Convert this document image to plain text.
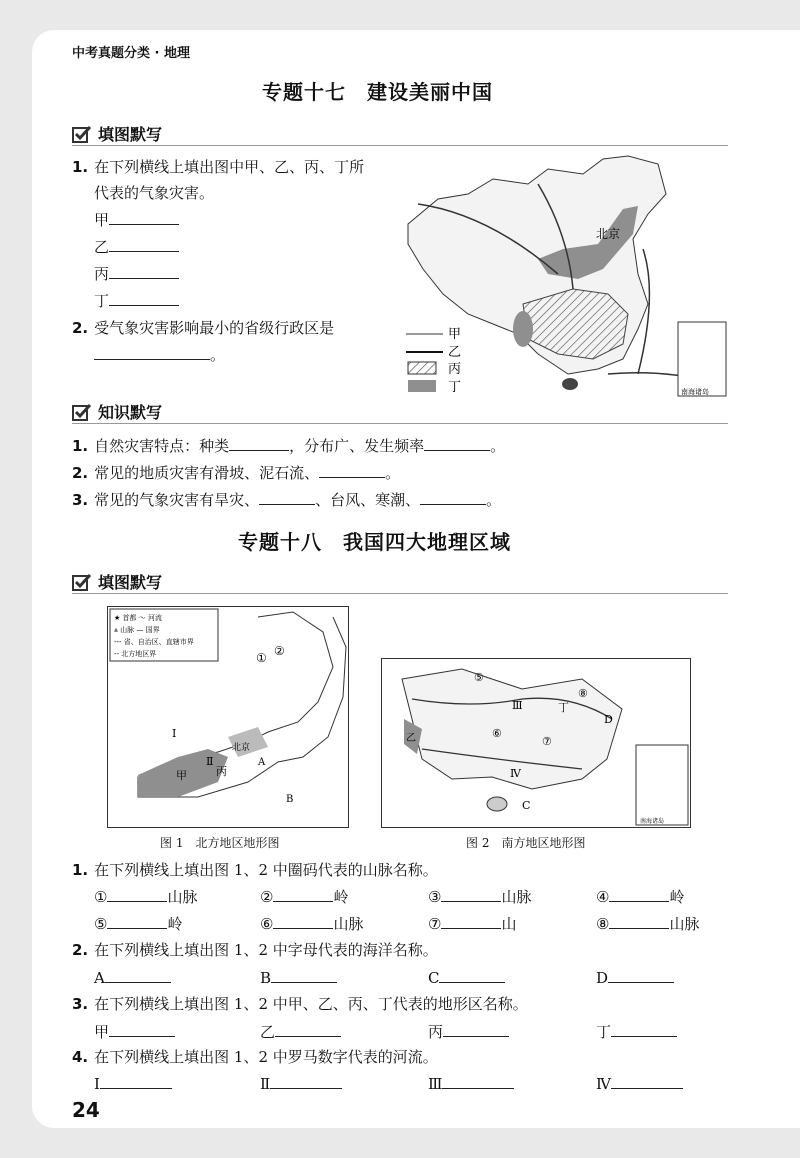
中考真题分类 · 地理
专题十七　建设美丽中国
填图默写
1. 在下列横线上填出图中甲、乙、丙、丁所
代表的气象灾害。
甲
乙
丙
丁
2. 受气象灾害影响最小的省级行政区是
。
北京
南海诸岛
甲
乙
丙
丁
知识默写
1. 自然灾害特点：种类	，分布广、发生频率	。
2. 常见的地质灾害有滑坡、泥石流、	。
3. 常见的气象灾害有旱灾、	、台风、寒潮、	。
专题十八　我国四大地理区域
填图默写
★ 首都 ～ 河流
⩓ 山脉 — 国界
--- 省、自治区、直辖市界
-- 北方地区界
北京
甲	丙
Ⅰ
Ⅱ	A
B
① ②
图 1　北方地区地形图
南海诸岛
Ⅲ
Ⅳ
C
D
丁
乙
⑤
⑥
⑦
⑧
图 2　南方地区地形图
1. 在下列横线上填出图 1、2 中圈码代表的山脉名称。
①	山脉	②	岭	③	山脉	④	岭
⑤	岭	⑥	山脉	⑦	山	⑧	山脉
2. 在下列横线上填出图 1、2 中字母代表的海洋名称。
A	B	C	D
3. 在下列横线上填出图 1、2 中甲、乙、丙、丁代表的地形区名称。
甲	乙	丙	丁
4. 在下列横线上填出图 1、2 中罗马数字代表的河流。
Ⅰ	Ⅱ	Ⅲ	Ⅳ
24
